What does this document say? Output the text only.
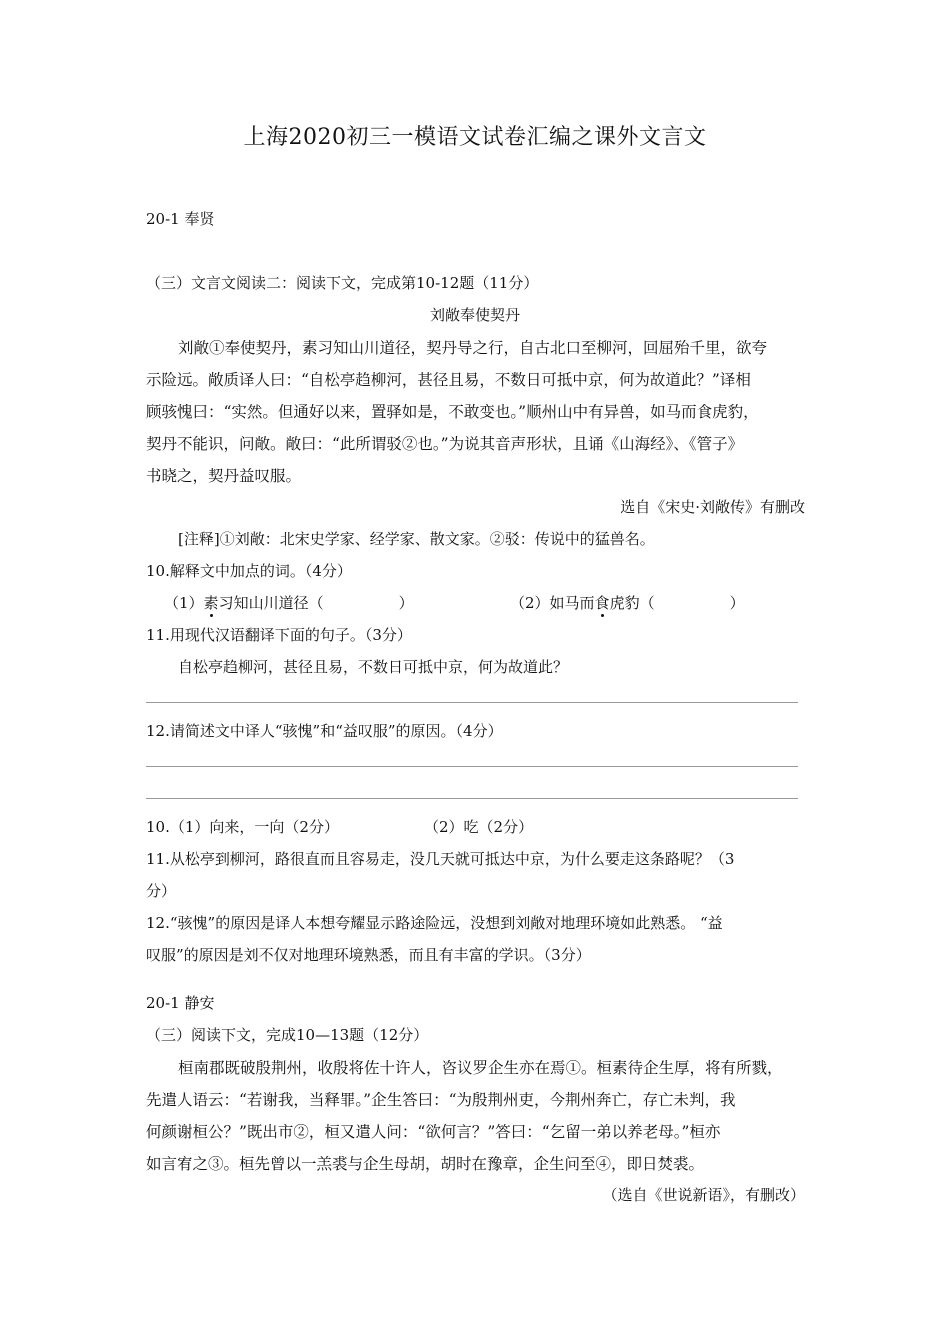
上海2020初三一模语文试卷汇编之课外文言文
20-1 奉贤
（三）文言文阅读二：阅读下文，完成第10-12题（11分）
刘敞奉使契丹
刘敞①奉使契丹，素习知山川道径，契丹导之行，自古北口至柳河，回屈殆千里，欲夸
示险远。敞质译人曰：“自松亭趋柳河，甚径且易，不数日可抵中京，何为故道此？”译相
顾骇愧曰：“实然。但通好以来，置驿如是，不敢变也。”顺州山中有异兽，如马而食虎豹，
契丹不能识，问敞。敞曰：“此所谓驳②也。”为说其音声形状，且诵《山海经》、《管子》
书晓之，契丹益叹服。
选自《宋史·刘敞传》有删改
[注释]①刘敞：北宋史学家、经学家、散文家。②驳：传说中的猛兽名。
10.解释文中加点的词。（4分）
（1）素习知山川道径（　　　　　）	（2）如马而食虎豹（　　　　　）
11.用现代汉语翻译下面的句子。（3分）
自松亭趋柳河，甚径且易，不数日可抵中京，何为故道此？
12.请简述文中译人“骇愧”和“益叹服”的原因。（4分）
10.（1）向来，一向（2分）	（2）吃（2分）
11.从松亭到柳河，路很直而且容易走，没几天就可抵达中京，为什么要走这条路呢？（3
分）
12.“骇愧”的原因是译人本想夸耀显示路途险远，没想到刘敞对地理环境如此熟悉。 “益
叹服”的原因是刘不仅对地理环境熟悉，而且有丰富的学识。（3分）
20-1 静安
（三）阅读下文，完成10—13题（12分）
桓南郡既破殷荆州，收殷将佐十许人，咨议罗企生亦在焉①。桓素待企生厚，将有所戮，
先遣人语云：“若谢我，当释罪。”企生答曰：“为殷荆州吏，今荆州奔亡，存亡未判，我
何颜谢桓公？”既出市②，桓又遣人问：“欲何言？”答曰：“乞留一弟以养老母。”桓亦
如言宥之③。桓先曾以一羔裘与企生母胡，胡时在豫章，企生问至④，即日焚裘。
（选自《世说新语》，有删改）
